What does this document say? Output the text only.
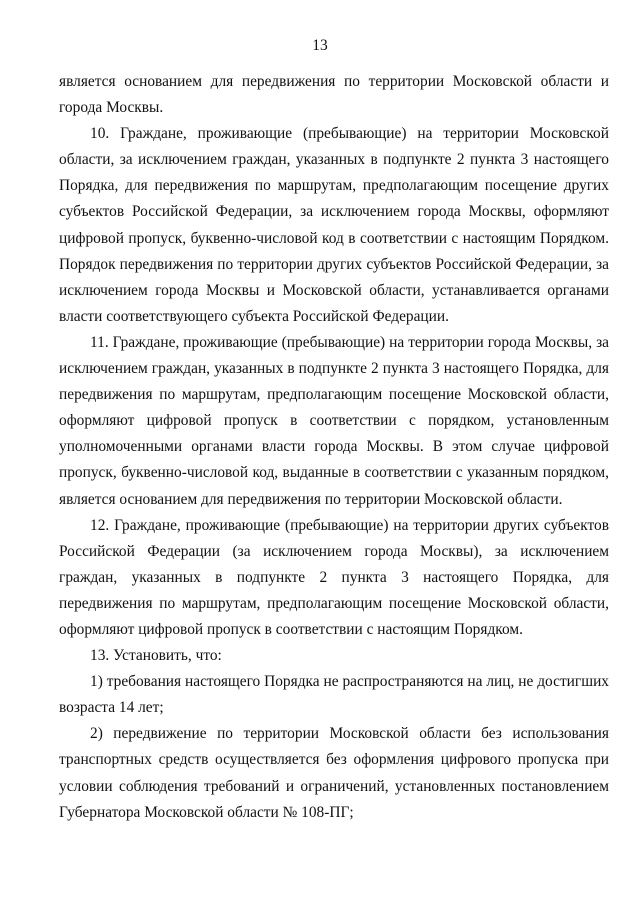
13

является основанием для передвижения по территории Московской области и города Москвы.

10. Граждане, проживающие (пребывающие) на территории Московской области, за исключением граждан, указанных в подпункте 2 пункта 3 настоящего Порядка, для передвижения по маршрутам, предполагающим посещение других субъектов Российской Федерации, за исключением города Москвы, оформляют цифровой пропуск, буквенно-числовой код в соответствии с настоящим Порядком. Порядок передвижения по территории других субъектов Российской Федерации, за исключением города Москвы и Московской области, устанавливается органами власти соответствующего субъекта Российской Федерации.

11. Граждане, проживающие (пребывающие) на территории города Москвы, за исключением граждан, указанных в подпункте 2 пункта 3 настоящего Порядка, для передвижения по маршрутам, предполагающим посещение Московской области, оформляют цифровой пропуск в соответствии с порядком, установленным уполномоченными органами власти города Москвы. В этом случае цифровой пропуск, буквенно-числовой код, выданные в соответствии с указанным порядком, является основанием для передвижения по территории Московской области.

12. Граждане, проживающие (пребывающие) на территории других субъектов Российской Федерации (за исключением города Москвы), за исключением граждан, указанных в подпункте 2 пункта 3 настоящего Порядка, для передвижения по маршрутам, предполагающим посещение Московской области, оформляют цифровой пропуск в соответствии с настоящим Порядком.

13. Установить, что:

1) требования настоящего Порядка не распространяются на лиц, не достигших возраста 14 лет;

2) передвижение по территории Московской области без использования транспортных средств осуществляется без оформления цифрового пропуска при условии соблюдения требований и ограничений, установленных постановлением Губернатора Московской области № 108-ПГ;
